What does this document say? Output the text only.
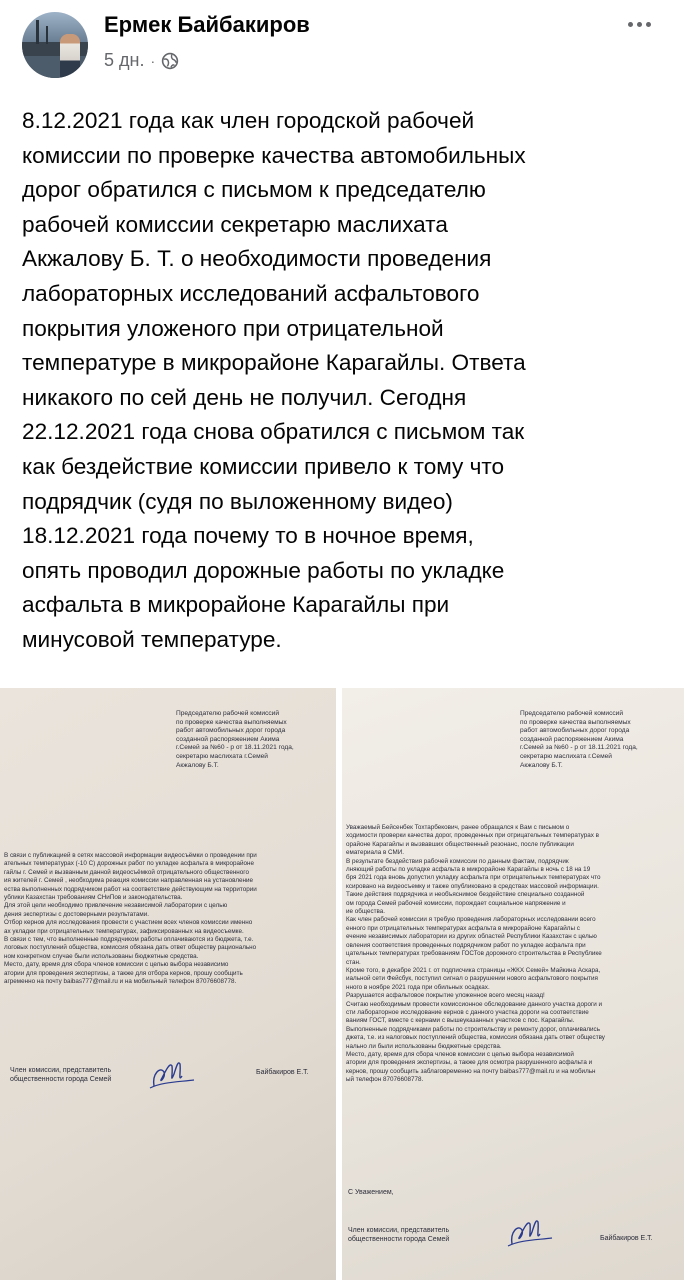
Ермек Байбакиров
5 дн. ·
8.12.2021 года как член городской рабочей
комиссии по проверке качества автомобильных
дорог обратился с письмом к председателю
рабочей комиссии секретарю маслихата
Акжалову Б. Т. о необходимости проведения
лабораторных исследований асфальтового
покрытия уложеного при отрицательной
температуре в микрорайоне Карагайлы. Ответа
никакого по сей день не получил. Сегодня
22.12.2021 года снова обратился с письмом так
как бездействие комиссии привело к тому что
подрядчик (судя по выложенному видео)
18.12.2021 года почему то в ночное время,
опять проводил дорожные работы по укладке
асфальта в микрорайоне Карагайлы при
минусовой температуре.
Председателю рабочей комиссий
по проверке качества выполняемых
работ автомобильных дорог города
созданной распоряжением Акима
г.Семей за №60 - р от 18.11.2021 года,
секретарю маслихата г.Семей
Акжалову Б.Т.

В связи с публикацией в сетях массовой информации видеосъёмки о проведении при

ательных температурах (-10 С) дорожных работ по укладке асфальта в микрорайоне

гайлы г. Семей и вызванным данной видеосъёмкой отрицательного общественного

ия жителей г. Семей , необходима реакция комиссии направленная на установление

ества выполненных подрядчиком работ на соответствие действующим на территории

ублики Казахстан требованиям СНиПов и законодательства.

Для этой цели необходимо привлечение независимой лаборатории с целью

дения экспертизы с достоверными результатами.

Отбор кернов для исследования провести с участием всех членов комиссии именно

ах укладки при отрицательных температурах, зафиксированных на видеосъемке.

В связи с тем, что выполненные подрядчиком работы оплачиваются из бюджета, т.е.

логовых поступлений общества, комиссия обязана дать ответ обществу рационально

ном конкретном случае были использованы бюджетные средства.

Место, дату, время для сбора членов комиссии с целью выбора независимо

атории для проведения экспертизы, а также для отбора кернов, прошу сообщить

агременно на почту baibas777@mail.ru и на мобильный телефон 87076608778.

Член комиссии, представитель общественности города Семей
Байбакиров Е.Т.
Председателю рабочей комиссий
по проверке качества выполняемых
работ автомобильных дорог города
созданной распоряжением Акима
г.Семей за №60 - р от 18.11.2021 года,
секретарю маслихата г.Семей
Акжалову Б.Т.

Уважаемый Бейсенбек Тохтарбекович, ранее обращался к Вам с письмом о

ходимости проверки качества дорог, проведенных при отрицательных температурах в

орайоне Карагайлы и вызвавших общественный резонанс, после публикации

ематериала в СМИ.

В результате бездействия рабочей комиссии по данным фактам, подрядчик

лняющий работы по укладке асфальта в микрорайоне Карагайлы в ночь с 18 на 19

бря 2021 года вновь допустил укладку асфальта при отрицательных температурах что

ксировано на видеосъемку и также опубликовано в средствах массовой информации.

Такие действия подрядчика и необъяснимое бездействие специально созданной

ом города Семей рабочей комиссии, порождает социальное напряжение и

ие общества.

Как член рабочей комиссии я требую проведения лабораторных исследовании всего

енного при отрицательных температурах асфальта в микрорайоне Карагайлы с

ечение независимых лаборатории из других областей Республики Казахстан с целью

овления соответствия проведенных подрядчиком работ по укладке асфальта при

цательных температурах требованиям ГОСТов дорожного строительства в Республике

стан.

Кроме того, в декабре 2021 г. от подписчика страницы «ЖКХ Семей» Майкина Аскара,

иальной сети Фейсбук, поступил сигнал о разрушении нового асфальтового покрытия

нного в ноябре 2021 года при обильных осадках.

Разрушается асфальтовое покрытие уложенное всего месяц назад!

Считаю необходимым провести комиссионное обследование данного участка дороги и

сти лабораторное исследование кернов с данного участка дороги на соответствие

ваниям ГОСТ, вместе с кернами с вышеуказанных участков с пос. Карагайлы.

Выполненные подрядчиками работы по строительству и ремонту дорог, оплачивались

джета, т.е. из налоговых поступлений общества, комиссия обязана дать ответ обществу

нально ли были использованы бюджетные средства.

Место, дату, время для сбора членов комиссии с целью выбора независимой

атории для проведения экспертизы, а также для осмотра разрушенного асфальта и

кернов, прошу сообщить заблаговременно на почту baibas777@mail.ru и на мобильн

ый телефон 87076608778.

С Уважением,
Член комиссии, представитель общественности города Семей	Байбакиров Е.Т.
